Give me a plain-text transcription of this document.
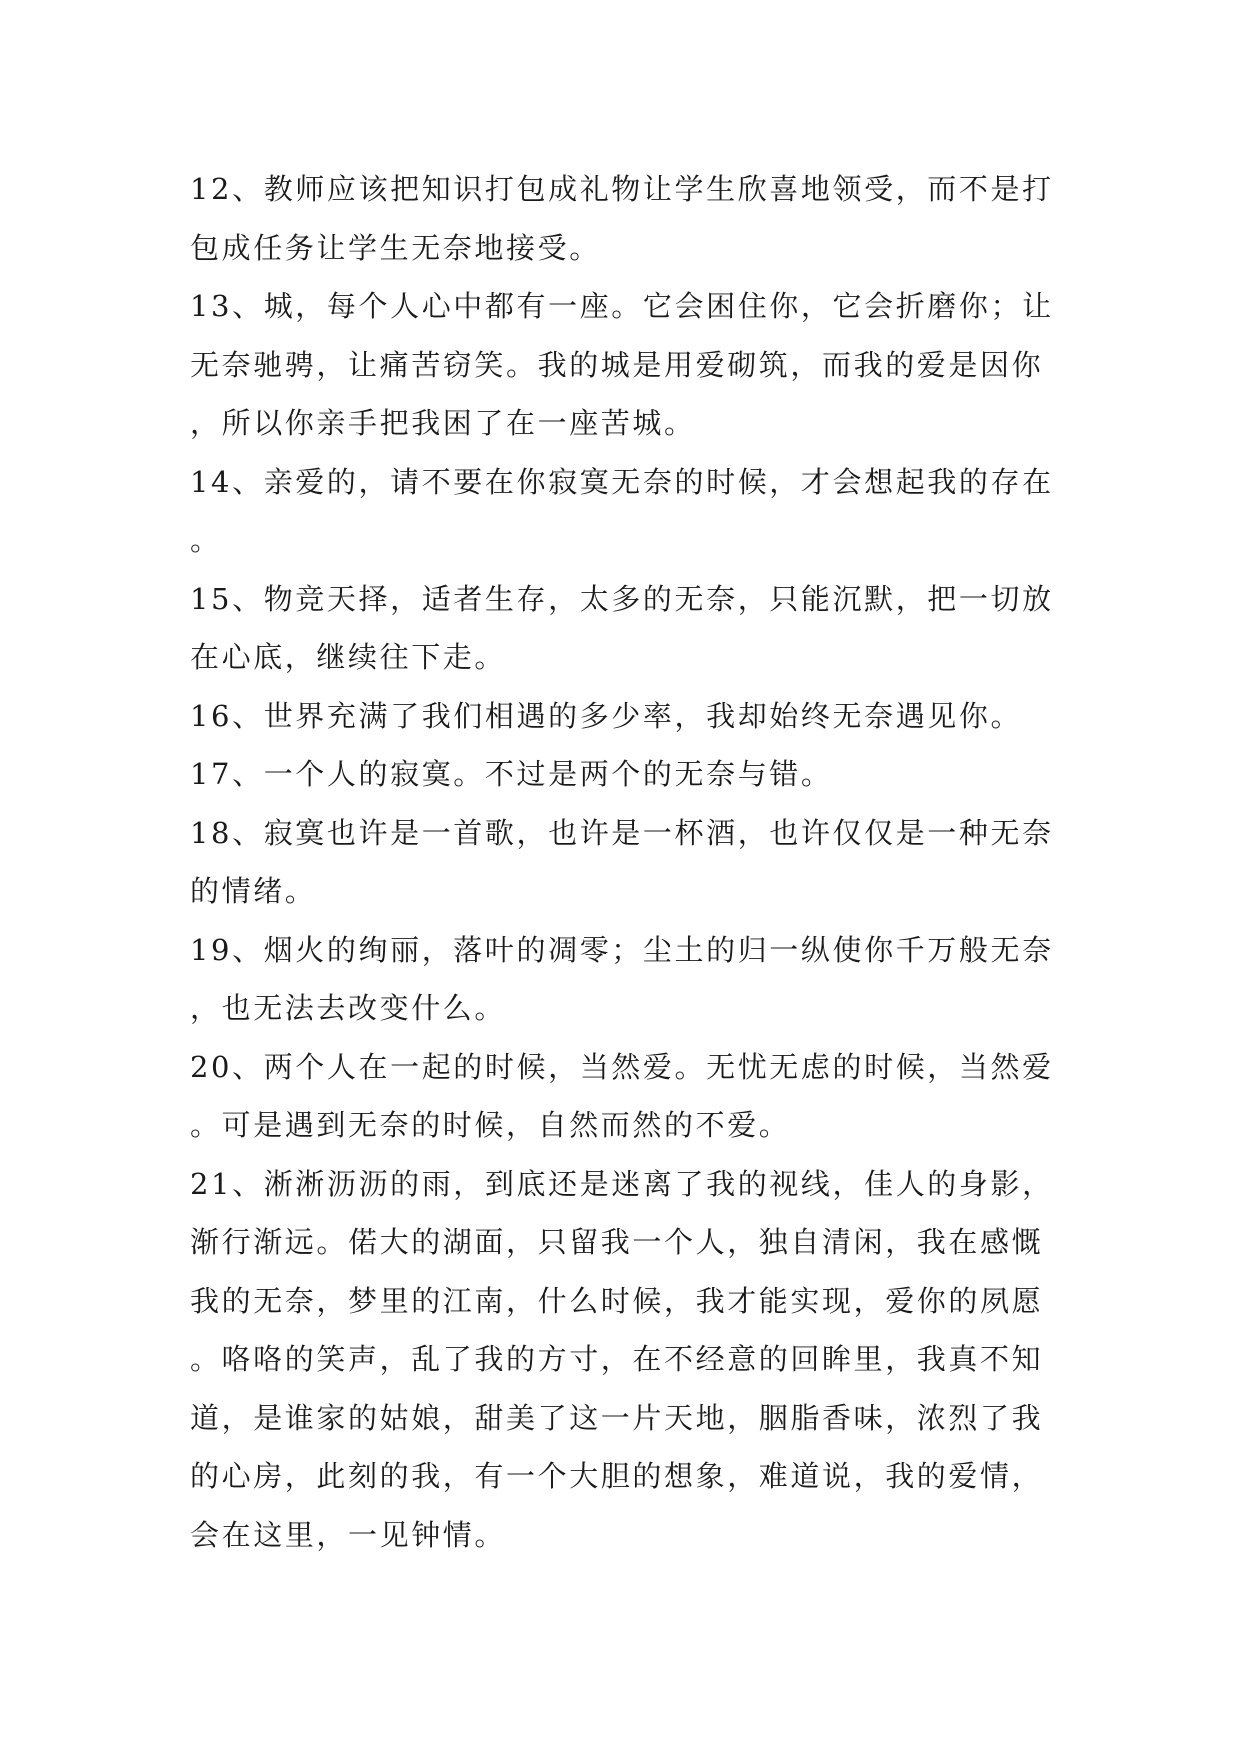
12、教师应该把知识打包成礼物让学生欣喜地领受，而不是打包成任务让学生无奈地接受。

13、城，每个人心中都有一座。它会困住你，它会折磨你；让无奈驰骋，让痛苦窃笑。我的城是用爱砌筑，而我的爱是因你，所以你亲手把我困了在一座苦城。

14、亲爱的，请不要在你寂寞无奈的时候，才会想起我的存在。

15、物竞天择，适者生存，太多的无奈，只能沉默，把一切放在心底，继续往下走。

16、世界充满了我们相遇的多少率，我却始终无奈遇见你。

17、一个人的寂寞。不过是两个的无奈与错。

18、寂寞也许是一首歌，也许是一杯酒，也许仅仅是一种无奈的情绪。

19、烟火的绚丽，落叶的凋零；尘土的归一纵使你千万般无奈，也无法去改变什么。

20、两个人在一起的时候，当然爱。无忧无虑的时候，当然爱。可是遇到无奈的时候，自然而然的不爱。

21、淅淅沥沥的雨，到底还是迷离了我的视线，佳人的身影，渐行渐远。偌大的湖面，只留我一个人，独自清闲，我在感慨我的无奈，梦里的江南，什么时候，我才能实现，爱你的夙愿。咯咯的笑声，乱了我的方寸，在不经意的回眸里，我真不知道，是谁家的姑娘，甜美了这一片天地，胭脂香味，浓烈了我的心房，此刻的我，有一个大胆的想象，难道说，我的爱情，会在这里，一见钟情。
